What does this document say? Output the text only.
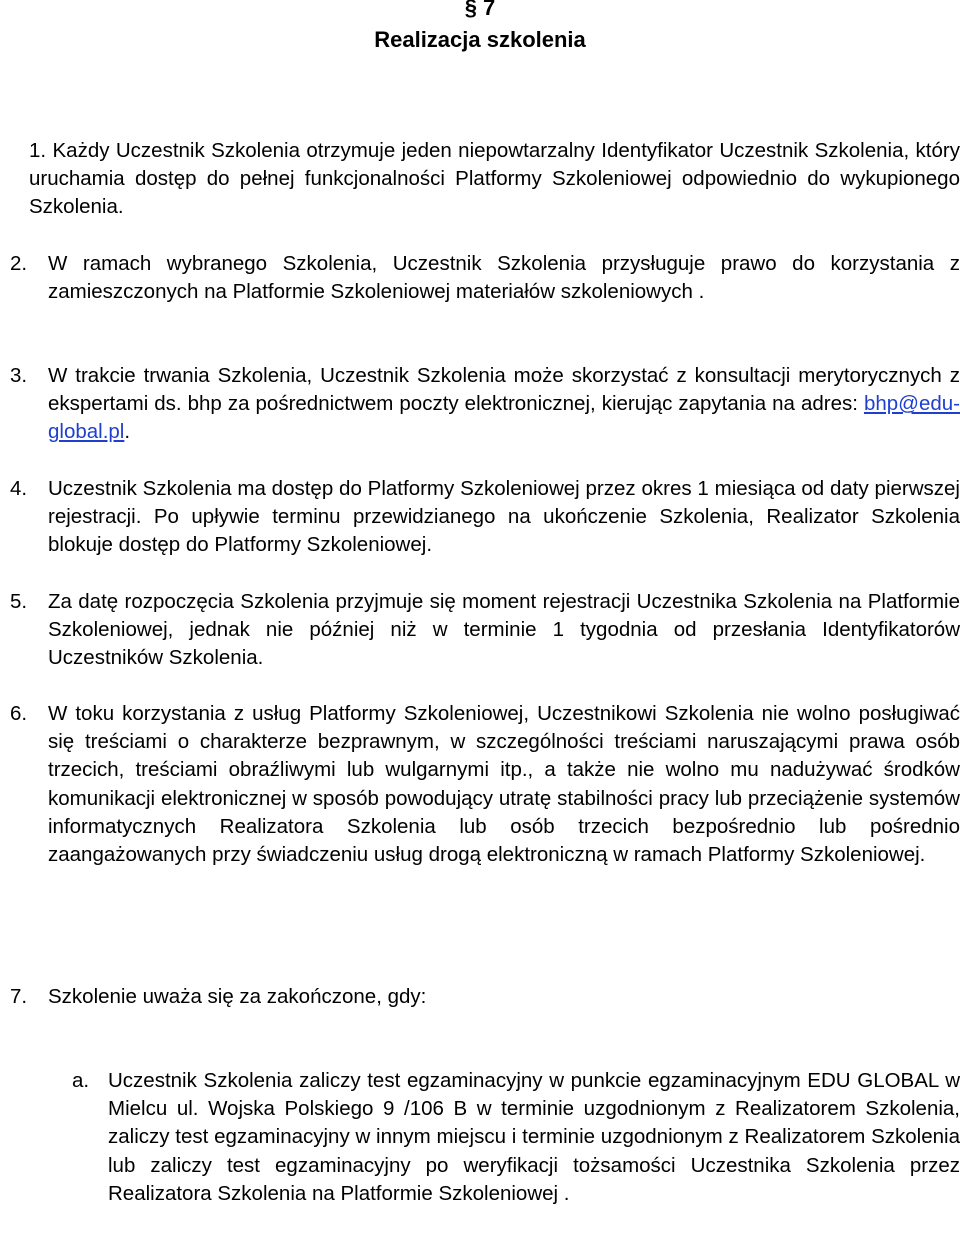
§ 7
Realizacja szkolenia
1. Każdy Uczestnik Szkolenia otrzymuje jeden niepowtarzalny Identyfikator Uczestnik Szkolenia, który uruchamia dostęp do pełnej funkcjonalności Platformy Szkoleniowej odpowiednio do wykupionego Szkolenia.
2.	W ramach wybranego Szkolenia, Uczestnik Szkolenia przysługuje prawo do korzystania z zamieszczonych na Platformie Szkoleniowej materiałów szkoleniowych .
3.	W trakcie trwania Szkolenia, Uczestnik Szkolenia może skorzystać z konsultacji merytorycznych z ekspertami ds. bhp za pośrednictwem poczty elektronicznej, kierując zapytania na adres: bhp@edu-global.pl.
4.	Uczestnik Szkolenia ma dostęp do Platformy Szkoleniowej przez okres 1 miesiąca od daty pierwszej rejestracji. Po upływie terminu przewidzianego na ukończenie Szkolenia, Realizator Szkolenia blokuje dostęp do Platformy Szkoleniowej.
5.	Za datę rozpoczęcia Szkolenia przyjmuje się moment rejestracji Uczestnika Szkolenia na Platformie Szkoleniowej, jednak nie później niż w terminie 1 tygodnia od przesłania Identyfikatorów Uczestników Szkolenia.
6.	W toku korzystania z usług Platformy Szkoleniowej, Uczestnikowi Szkolenia nie wolno posługiwać się treściami o charakterze bezprawnym, w szczególności treściami naruszającymi prawa osób trzecich, treściami obraźliwymi lub wulgarnymi itp., a także nie wolno mu nadużywać środków komunikacji elektronicznej w sposób powodujący utratę stabilności pracy lub przeciążenie systemów informatycznych Realizatora Szkolenia lub osób trzecich bezpośrednio lub pośrednio zaangażowanych przy świadczeniu usług drogą elektroniczną w ramach Platformy Szkoleniowej.
7.	Szkolenie uważa się za zakończone, gdy:
a. Uczestnik Szkolenia zaliczy test egzaminacyjny w punkcie egzaminacyjnym EDU GLOBAL w Mielcu ul. Wojska Polskiego 9 /106 B w terminie uzgodnionym z Realizatorem Szkolenia, zaliczy test egzaminacyjny w innym miejscu i terminie uzgodnionym z Realizatorem Szkolenia lub zaliczy test egzaminacyjny po weryfikacji tożsamości Uczestnika Szkolenia przez Realizatora Szkolenia na Platformie Szkoleniowej .
